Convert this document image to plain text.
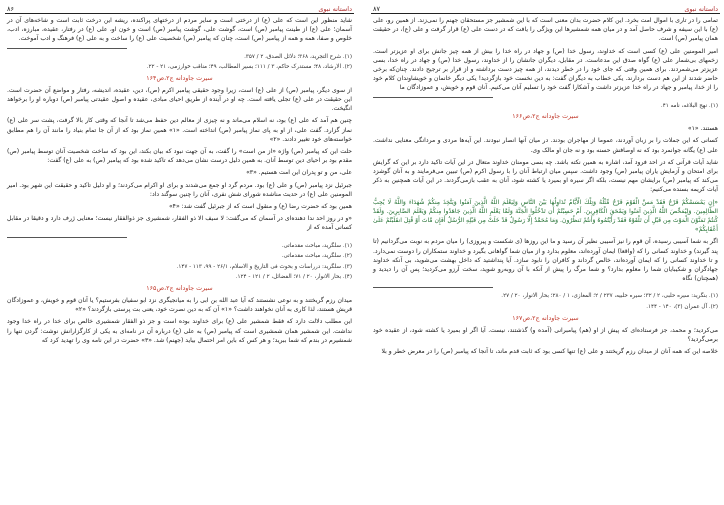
۸۶	داستانه نبوی

شاید منظور این است که علی (ع) از درختی است و سایر مردم از درختهای پراکنده، ریشه این درخت ثابت است و شاخه‌های آن در آسمان؛ علی (ع) از طینت پیامبر (ص) است، گوشت علی، گوشت پیامبر (ص) است و خون او، علی (ع) در رفتار، عقیده، مبارزه، ادب، خلوص و صفا، همه و همه از پیامبر (ص) است، چنان که پیامبر (ص) شخصیت علی (ع) را ساخت و به علی (ع) فرهنگ و ادب آموخت.

(۱). شرح التجرید، ۳۶۸؛ دلائل الصدق، ۲ / ۳۵۷.
(۲). الارشاد، ۴۸؛ مستدرک حاکم، ۳ / ۱۱۱؛ بسیر المطالب، ۴۹؛ مناقب خوارزمی، ۲۱ - ۲۲.
سیرت جاودانه ج۲،ص۱۶۴

از سوی دیگر، پیامبر (ص) از علی (ع) است، زیرا وجود حقیقی پیامبر اکرم (ص)، دین، عقیده، اندیشه، رفتار و مواضع آن حضرت است. این حقیقت در علی (ع) تجلی یافته است. چه او در آینده از طریق احیای مبادی، عقیده و اصول عقیدتی پیامبر (ص) دوباره او را برخواهد انگیخت.

چنین هم آمد که علی (ع) بود، نه اسلام می‌ماند و نه چیزی از معالم دین حفظ می‌شد تا آنجا که وقتی کار بالا گرفت، پشت سر علی (ع) نماز گزارد. گفت علی، از او به پای نماز پیامبر (ص) انداخته است. «۱» همین نماز بود که از آن جا تمام بنیاد را مانند آن را هم مطابق خواسته‌های خود تغییر دادند. «۲»

حلت این که پیامبر (ص) واژه «از من است» را گفت، به آن جهت نبود که بیان بکند، این بود که ساخت شخصیت آنان توسط پیامبر (ص) مقدم بود بر احیای دین توسط آنان. به همین دلیل درست نشان می‌دهد که تاکید شده بود که پیامبر (ص) به علی (ع) گفت:

علی، من و تو پدران این امت هستیم. «۳»

جبرئیل نزد پیامبر (ص) و علی (ع) بود. مردم گرد او جمع می‌شدند و برای او اکرام می‌کردند؛ و او دلیل تاکید و حقیقت این شهر بود. امیر المومنین علی (ع) در حدیث مناشده شورای شش نفری، آنان را چنین سوگند داد:

همین بود که حضرت رضا (ع) و منقول است که از جبرئیل گفت شد: «۴»

«و در روز احد ندا دهنده‌ای در آسمان که می‌گفت: لا سیف الا ذو الفقار، شمشیری جز ذوالفقار نیست؛ معنایی ژرف دارد و دقیقا در مقابل کسانی آمده که از

(۱). سلگرید، مباحث مقدماتی.
(۲). سلگرید، مباحث مقدماتی.
(۳). سلگرید: درراسات و بحوث فی التاریخ و الاسلام، ۲۶/۱ - ۹۹، ۱۱۳ - ۱۴۷.
(۴). بحار الانوار، ۲۰ / ۷۱؛ الفضائل، ۲ / ۱۲۱ - ۱۲۴.
سیرت جاودانه ج۲،ص۱۶۵

میدان رزم گریختند و به نوعی نشستند که آیا عبد الله بن ابی را به میانجیگری نزد ابو سفیان بفرستیم؟ یا آنان قوم و خویش، و عموزادگان قریش هستند، لذا کاری به آنان نخواهند داشت؟ «۱» آن که به دین نصرت خود، یعنی بت پرستی بازگردند؟ «۲»

این مطلب دلالت دارد که فقط شمشیر علی (ع) برای خداوند بوده است و جز ذو الفقار شمشیری خالص برای خدا در راه خدا وجود نداشت. این شمشیر همان شمشیری است که پیامبر (ص) به علی (ع) درباره آن در نامه‌ای به یکی از کارگزارانش نوشت: گردن تنها را شمشیرم در بندم که شما ببرید؛ و هر کس که باین امر احتمال بیاید (جهنم) شد. «۳» حضرت در این نامه وی را تهدید کرد که

۸۷	داستانه نبوی

تمامی را در تاری با اموال امت بخرد. این کلام حضرت بدان معنی است که با این شمشیر جز مستحقان جهنم را نمی‌زند. از همین رو، علی (ع) با این سیفه و شرف حاصل آمد و در میان همه شمشیرها این ویژگی را یافت که در دست علی (ع) قرار گرفت و علی (ع)، در حقیقت همان پیامبر (ص) است.

امیر المومنین علی (ع) کسی است که خداوند، رسول خدا (ص) و جهاد در راه خدا را بیش از همه چیز جانش برای او عزیزتر است. زخمهای بی‌شمار علی (ع) گواه صدق این مدعاست. در مقابل، دیگران جانشان را از خداوند، رسول خدا (ص) و جهاد در راه خدا، بسی عزیزتر می‌شمردند. برای همین وقتی که جای خود را در خطر دیدند، از همه چیز دست برداشته و از قرار بر ترجیح دادند. چنان‌که برخی حاضر شدند از این هم دست بردارند. یکی خطاب به دیگران گفت: به دین نخست خود بازگردید! یکی دیگر خانمان و خویشاوندان کلام خود را از خدا، پیامبر و جهاد در راه خدا عزیزتر داشت و آشکارا گفت خود را تسلیم آنان می‌کنیم. آنان قوم و خویش، و عموزادگان ما

(۱). نهج البلاغه، نامه ۴۱.
سیرت جاودانه ج۲،ص۱۶۶

هستند. «۱»

کسانی که این جملات را بر زبان آوردند، عموما از مهاجران بودند. در میان آنها انصار نبودند. این آیه‌ها مردی و مردانگی معنایی نداشت. علی (ع) یگانه جوانمرد بود که نه اوصافش حسنه بود و نه جان او مالک وی.

شاید آیات قرآنی که در احد فرود آمد، اشاره به همین نکته باشد. چه بسی مومنان خداوند متعال در این آیات تاکید دارد بر این که گرایش برای امتحان و آزمایش یاران پیامبر (ص) وجود داشت. سپس میان ارتباط آنان را با رسول اکرم (ص) تبیین می‌فرمایند و به آنان گوشزد می‌کند که پیامبر (ص) برایشان مهم نیست، بلکه اگر سیره او بمیرد یا کشته شود، آنان به عقب بازمی‌گردند. در این آیات همچنین به ذکر آیات کریمه بسنده می‌کنیم:

«إِن يَمْسَسْكُمْ قَرْحٌ فَقَدْ مَسَّ الْقَوْمَ قَرْحٌ مِّثْلُهُ وَتِلْكَ الْأَيَّامُ نُدَاوِلُهَا بَيْنَ النَّاسِ وَلِيَعْلَمَ اللَّهُ الَّذِينَ آمَنُوا وَيَتَّخِذَ مِنكُمْ شُهَدَاءَ وَاللَّهُ لَا يُحِبُّ الظَّالِمِينَ. وَلِيُمَحِّصَ اللَّهُ الَّذِينَ آمَنُوا وَيَمْحَقَ الْكَافِرِينَ. أَمْ حَسِبْتُمْ أَن تَدْخُلُوا الْجَنَّةَ وَلَمَّا يَعْلَمِ اللَّهُ الَّذِينَ جَاهَدُوا مِنكُمْ وَيَعْلَمَ الصَّابِرِينَ. وَلَقَدْ كُنتُمْ تَمَنَّوْنَ الْمَوْتَ مِن قَبْلِ أَن تَلْقَوْهُ فَقَدْ رَأَيْتُمُوهُ وَأَنتُمْ تَنظُرُونَ. وَمَا مُحَمَّدٌ إِلَّا رَسُولٌ قَدْ خَلَتْ مِن قَبْلِهِ الرُّسُلُ أَفَإِن مَّاتَ أَوْ قُتِلَ انقَلَبْتُمْ عَلَىٰ أَعْقَابِكُمْ»

اگر به شما آسیبی رسیده، آن قوم را نیز آسیبی نظیر آن رسید و ما این روزها (ی شکست و پیروزی) را میان مردم به نوبت می‌گردانیم (تا پند گیرند) و خداوند کسانی را که (واقعا) ایمان آورده‌اند، معلوم بدارد و از میان شما گواهانی بگیرد و خداوند ستمکاران را دوست نمی‌دارد. و تا خداوند کسانی را که ایمان آورده‌اند، خالص گرداند و کافران را نابود سازد. آیا پنداشتید که داخل بهشت می‌شوید، بی آنکه خداوند جهادگران و شکیبایان شما را معلوم بدارد؟ و شما مرگ را پیش از آنکه با آن روبه‌رو شوید، سخت آرزو می‌کردید؛ پس آن را دیدید و (همچنان) نگاه

(۱). بنگرید: سیره حلبی، ۲ / ۳۲؛ سیره حلبیه، ۲۳۷ / ۲؛ المغازی، ۱ / ۲۸۰؛ بحار الانوار، ۲۰ / ۲۷.
(۲). آل عمران (۳)، ۱۴۰ - ۱۴۴.
سیرت جاودانه ج۲،ص۱۶۷

می‌کردید؛ و محمد، جز فرستاده‌ای که پیش از او (هم) پیامبرانی (آمده و) گذشتند، نیست. آیا اگر او بمیرد یا کشته شود، از عقیده خود برمی‌گردید؟

خلاصه این که همه آنان از میدان رزم گریختند و علی (ع) تنها کسی بود که ثابت قدم ماند، تا آنجا که پیامبر (ص) را در معرض خطر و بلا
